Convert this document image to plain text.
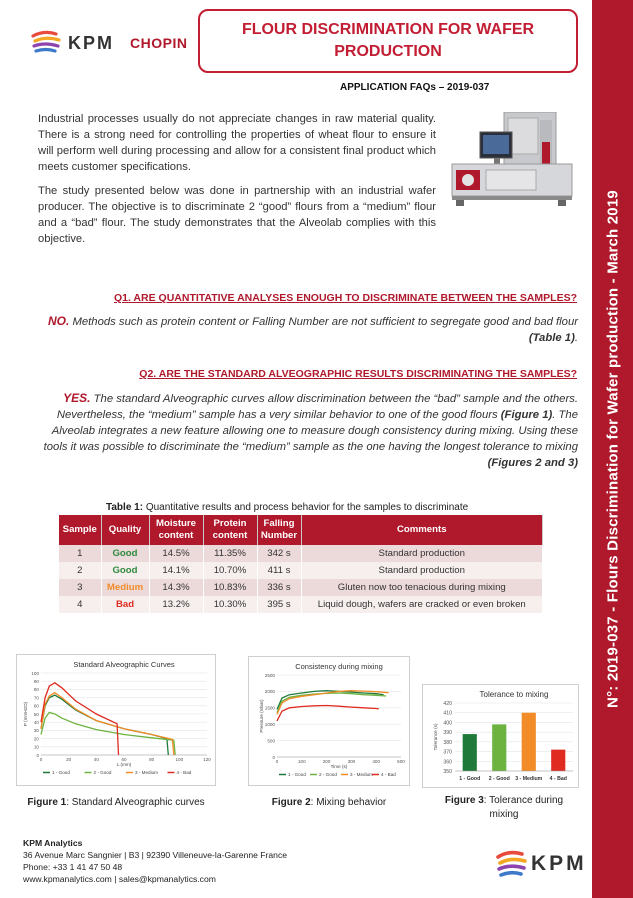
N°: 2019-037 - Flours Discrimination for Wafer production - March 2019
KPM CHOPIN
FLOUR DISCRIMINATION FOR WAFER PRODUCTION
APPLICATION FAQs – 2019-037

Industrial processes usually do not appreciate changes in raw material quality. There is a strong need for controlling the properties of wheat flour to ensure it will perform well during processing and allow for a consistent final product which meets customer specifications.

The study presented below was done in partnership with an industrial wafer producer. The objective is to discriminate 2 “good” flours from a “medium” flour and a “bad” flour. The study demonstrates that the Alveolab complies with this objective.

Q1. ARE QUANTITATIVE ANALYSES ENOUGH TO DISCRIMINATE BETWEEN THE SAMPLES?
NO. Methods such as protein content or Falling Number are not sufficient to segregate good and bad flour (Table 1).
Q2. ARE THE STANDARD ALVEOGRAPHIC RESULTS DISCRIMINATING THE SAMPLES?
YES. The standard Alveographic curves allow discrimination between the “bad” sample and the others. Nevertheless, the “medium” sample has a very similar behavior to one of the good flours (Figure 1). The Alveolab integrates a new feature allowing one to measure dough consistency during mixing. Using these tools it was possible to discriminate the “medium” sample as the one having the longest tolerance to mixing (Figures 2 and 3)
Table 1: Quantitative results and process behavior for the samples to discriminate
Sample	Quality	Moisture content	Protein content	Falling Number	Comments
1	Good	14.5%	11.35%	342 s	Standard production
2	Good	14.1%	10.70%	411 s	Standard production
3	Medium	14.3%	10.83%	336 s	Gluten now too tenacious during mixing
4	Bad	13.2%	10.30%	395 s	Liquid dough, wafers are cracked or even broken
Standard Alveographic Curves
0
10
20
30
40
50
60
70
80
90
100
0	20	40	60	80	100	120
L (mm)
P (mmH2O)
1 - Good	2 - Good	3 - Medium	4 - Bad
Consistency during mixing
0
500
1000
1500
2000
2500
0	100	200	300	400	500
Time (s)
Pressure (mbar)
1 - Good	2 - Good	3 - Medium 4 - Bad
Tolerance to mixing
350
360
370
380
390
400
410
420
Tolerance (s)
1 - Good 2 - Good 3 - Medium 4 - Bad
Figure 1: Standard Alveographic curves	Figure 2: Mixing behavior	Figure 3: Tolerance during mixing
KPM Analytics
36 Avenue Marc Sangnier | B3 | 92390 Villeneuve-la-Garenne France
Phone: +33 1 41 47 50 48
www.kpmanalytics.com | sales@kpmanalytics.com
KPM
